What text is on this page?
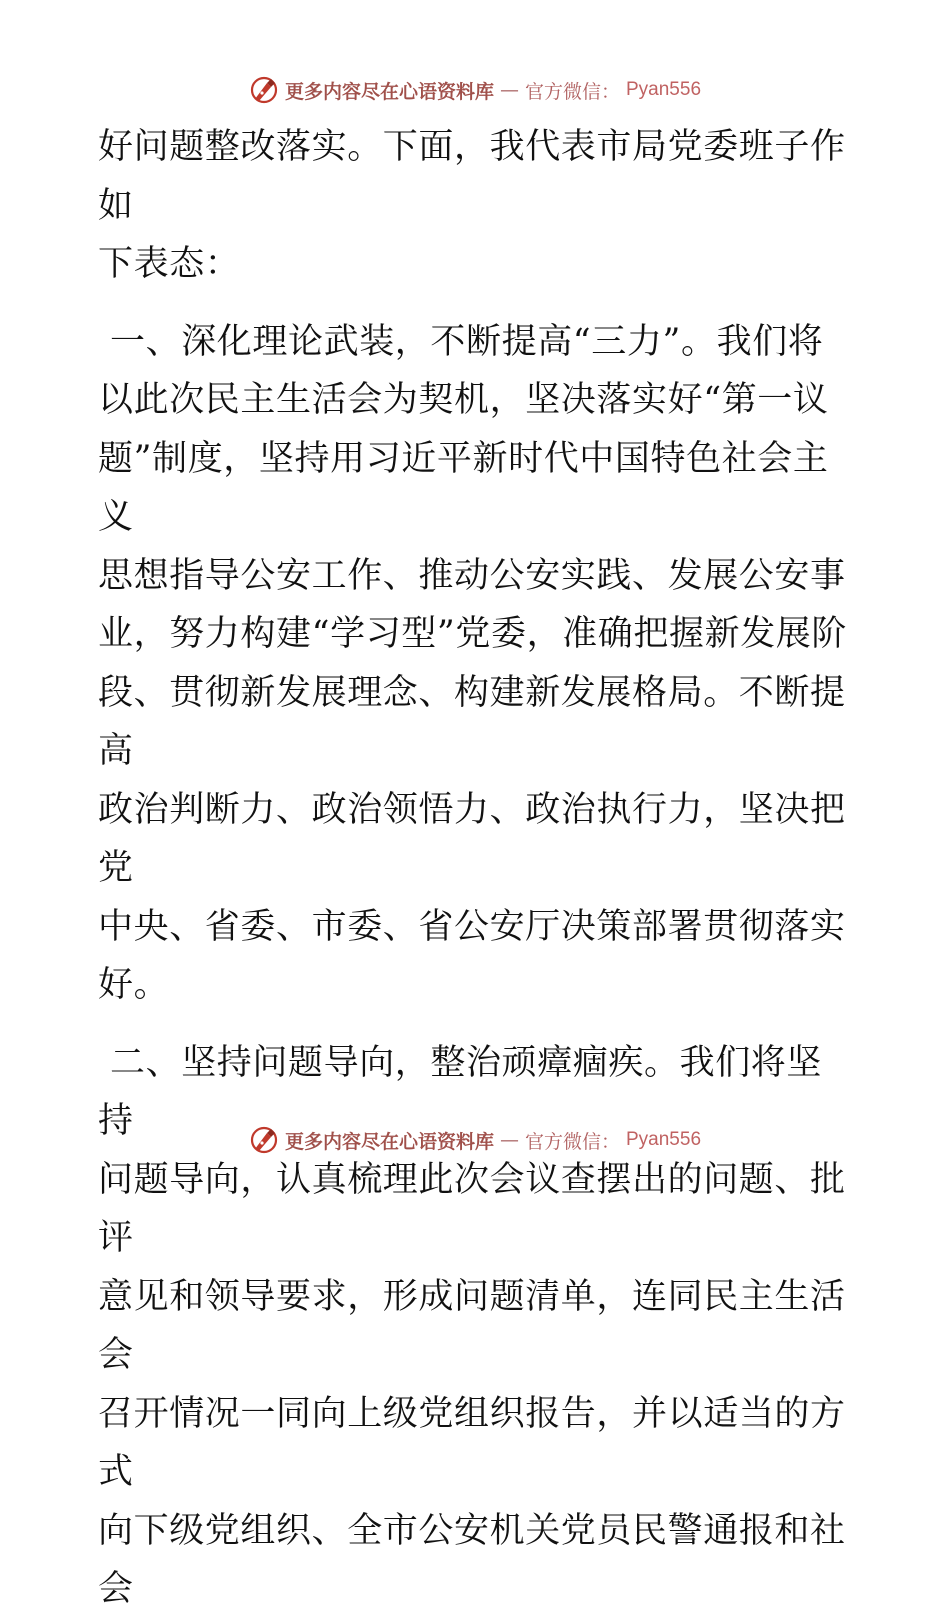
更多内容尽在心语资料库 — 官方微信： Pyan556

好问题整改落实。下面，我代表市局党委班子作如
下表态：

一、深化理论武装，不断提高“三力”。我们将
以此次民主生活会为契机，坚决落实好“第一议
题”制度，坚持用习近平新时代中国特色社会主义
思想指导公安工作、推动公安实践、发展公安事
业，努力构建“学习型”党委，准确把握新发展阶
段、贯彻新发展理念、构建新发展格局。不断提高
政治判断力、政治领悟力、政治执行力，坚决把党
中央、省委、市委、省公安厅决策部署贯彻落实
好。

二、坚持问题导向，整治顽瘴痼疾。我们将坚持
问题导向，认真梳理此次会议查摆出的问题、批评
意见和领导要求，形成问题清单，连同民主生活会
召开情况一同向上级党组织报告，并以适当的方式
向下级党组织、全市公安机关党员民警通报和社会

更多内容尽在心语资料库 — 官方微信： Pyan556
